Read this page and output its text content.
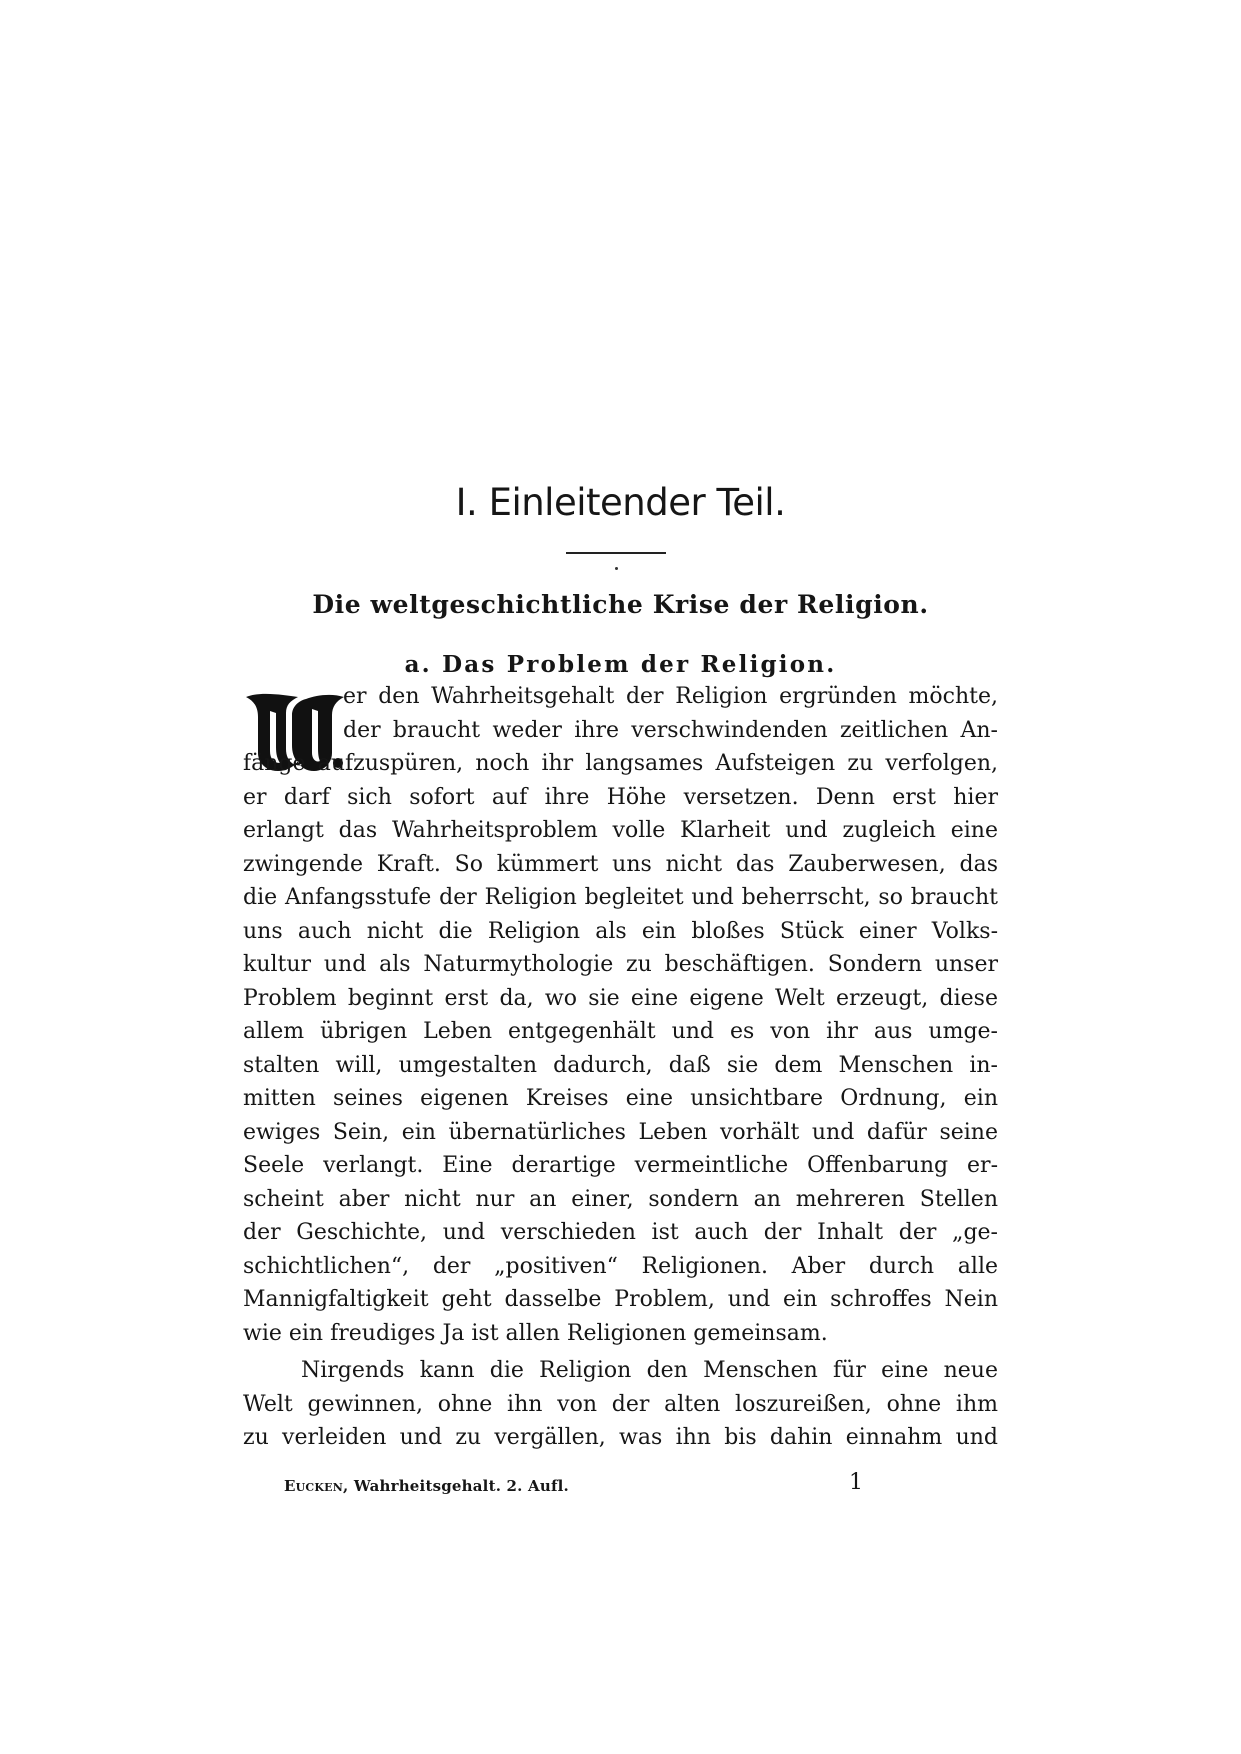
I. Einleitender Teil.
Die weltgeschichtliche Krise der Religion.
a. Das Problem der Religion.
er den Wahrheitsgehalt der Religion ergründen möchte,
der braucht weder ihre verschwindenden zeitlichen An-
fänge aufzuspüren, noch ihr langsames Aufsteigen zu verfolgen,
er darf sich sofort auf ihre Höhe versetzen. Denn erst hier
erlangt das Wahrheitsproblem volle Klarheit und zugleich eine
zwingende Kraft. So kümmert uns nicht das Zauberwesen, das
die Anfangsstufe der Religion begleitet und beherrscht, so braucht
uns auch nicht die Religion als ein bloßes Stück einer Volks-
kultur und als Naturmythologie zu beschäftigen. Sondern unser
Problem beginnt erst da, wo sie eine eigene Welt erzeugt, diese
allem übrigen Leben entgegenhält und es von ihr aus umge-
stalten will, umgestalten dadurch, daß sie dem Menschen in-
mitten seines eigenen Kreises eine unsichtbare Ordnung, ein
ewiges Sein, ein übernatürliches Leben vorhält und dafür seine
Seele verlangt. Eine derartige vermeintliche Offenbarung er-
scheint aber nicht nur an einer, sondern an mehreren Stellen
der Geschichte, und verschieden ist auch der Inhalt der „ge-
schichtlichen“, der „positiven“ Religionen. Aber durch alle
Mannigfaltigkeit geht dasselbe Problem, und ein schroffes Nein
wie ein freudiges Ja ist allen Religionen gemeinsam.
Nirgends kann die Religion den Menschen für eine neue
Welt gewinnen, ohne ihn von der alten loszureißen, ohne ihm
zu verleiden und zu vergällen, was ihn bis dahin einnahm und
Eucken, Wahrheitsgehalt. 2. Aufl.	1
